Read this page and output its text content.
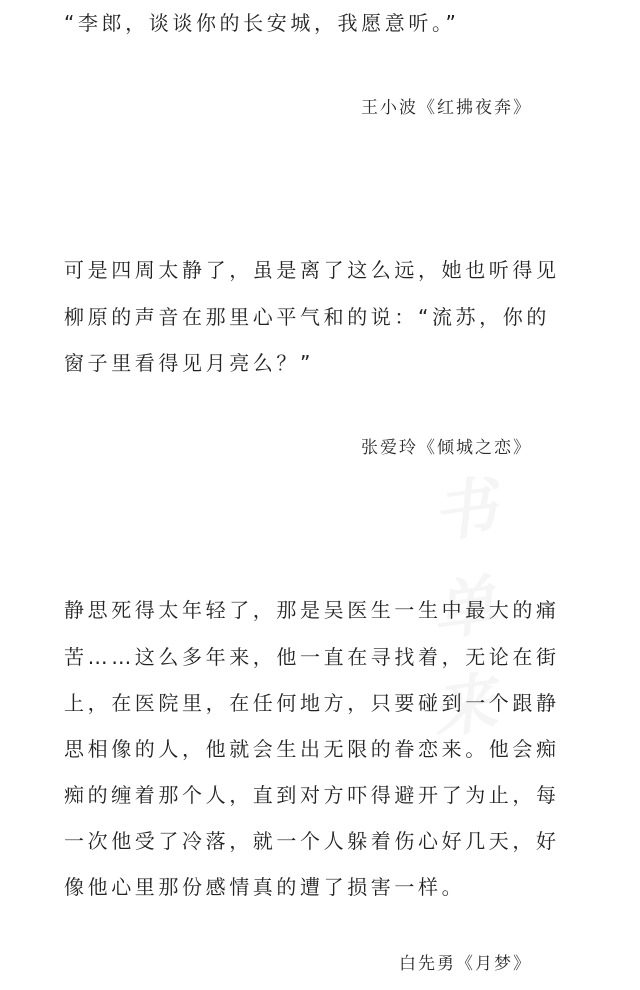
书
单
来
“李郎，谈谈你的长安城，我愿意听。”
王小波《红拂夜奔》
可是四周太静了，虽是离了这么远，她也听得见
柳原的声音在那里心平气和的说：“流苏，你的
窗子里看得见月亮么？”
张爱玲《倾城之恋》
静思死得太年轻了，那是吴医生一生中最大的痛
苦……这么多年来，他一直在寻找着，无论在街
上，在医院里，在任何地方，只要碰到一个跟静
思相像的人，他就会生出无限的眷恋来。他会痴
痴的缠着那个人，直到对方吓得避开了为止，每
一次他受了冷落，就一个人躲着伤心好几天，好
像他心里那份感情真的遭了损害一样。
白先勇《月梦》
